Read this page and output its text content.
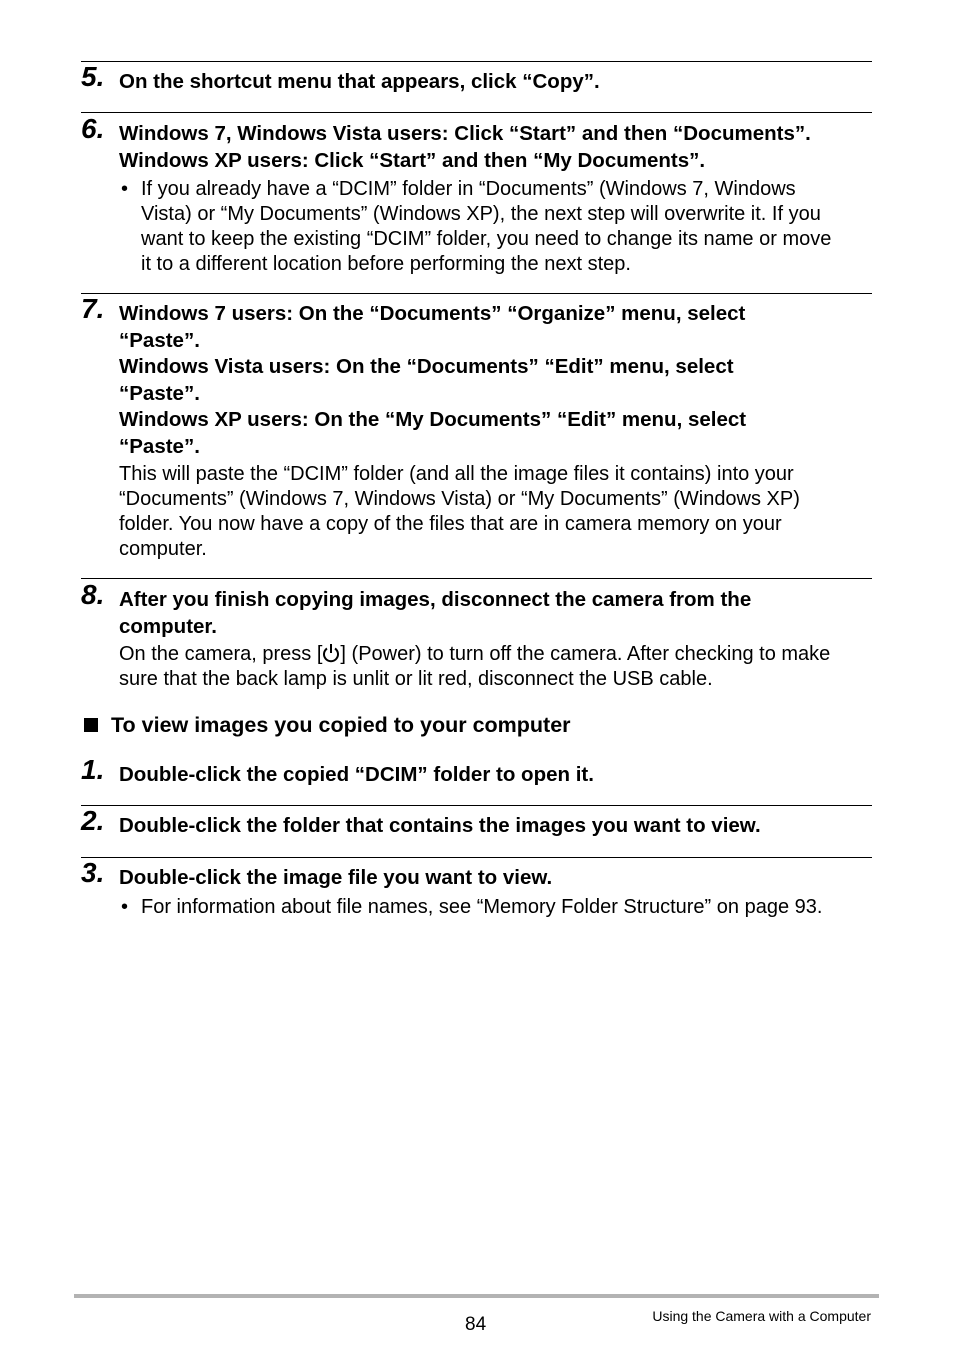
5. On the shortcut menu that appears, click “Copy”.

6. Windows 7, Windows Vista users: Click “Start” and then “Documents”.
Windows XP users: Click “Start” and then “My Documents”.

• If you already have a “DCIM” folder in “Documents” (Windows 7, Windows
Vista) or “My Documents” (Windows XP), the next step will overwrite it. If you
want to keep the existing “DCIM” folder, you need to change its name or move
it to a different location before performing the next step.
7. Windows 7 users: On the “Documents” “Organize” menu, select
“Paste”.
Windows Vista users: On the “Documents” “Edit” menu, select
“Paste”.
Windows XP users: On the “My Documents” “Edit” menu, select
“Paste”.

This will paste the “DCIM” folder (and all the image files it contains) into your
“Documents” (Windows 7, Windows Vista) or “My Documents” (Windows XP)
folder. You now have a copy of the files that are in camera memory on your
computer.
8. After you finish copying images, disconnect the camera from the
computer.

On the camera, press [ ] (Power) to turn off the camera. After checking to make
sure that the back lamp is unlit or lit red, disconnect the USB cable.
To view images you copied to your computer
1. Double-click the copied “DCIM” folder to open it.

2. Double-click the folder that contains the images you want to view.

3. Double-click the image file you want to view.

• For information about file names, see “Memory Folder Structure” on page 93.
84	Using the Camera with a Computer
